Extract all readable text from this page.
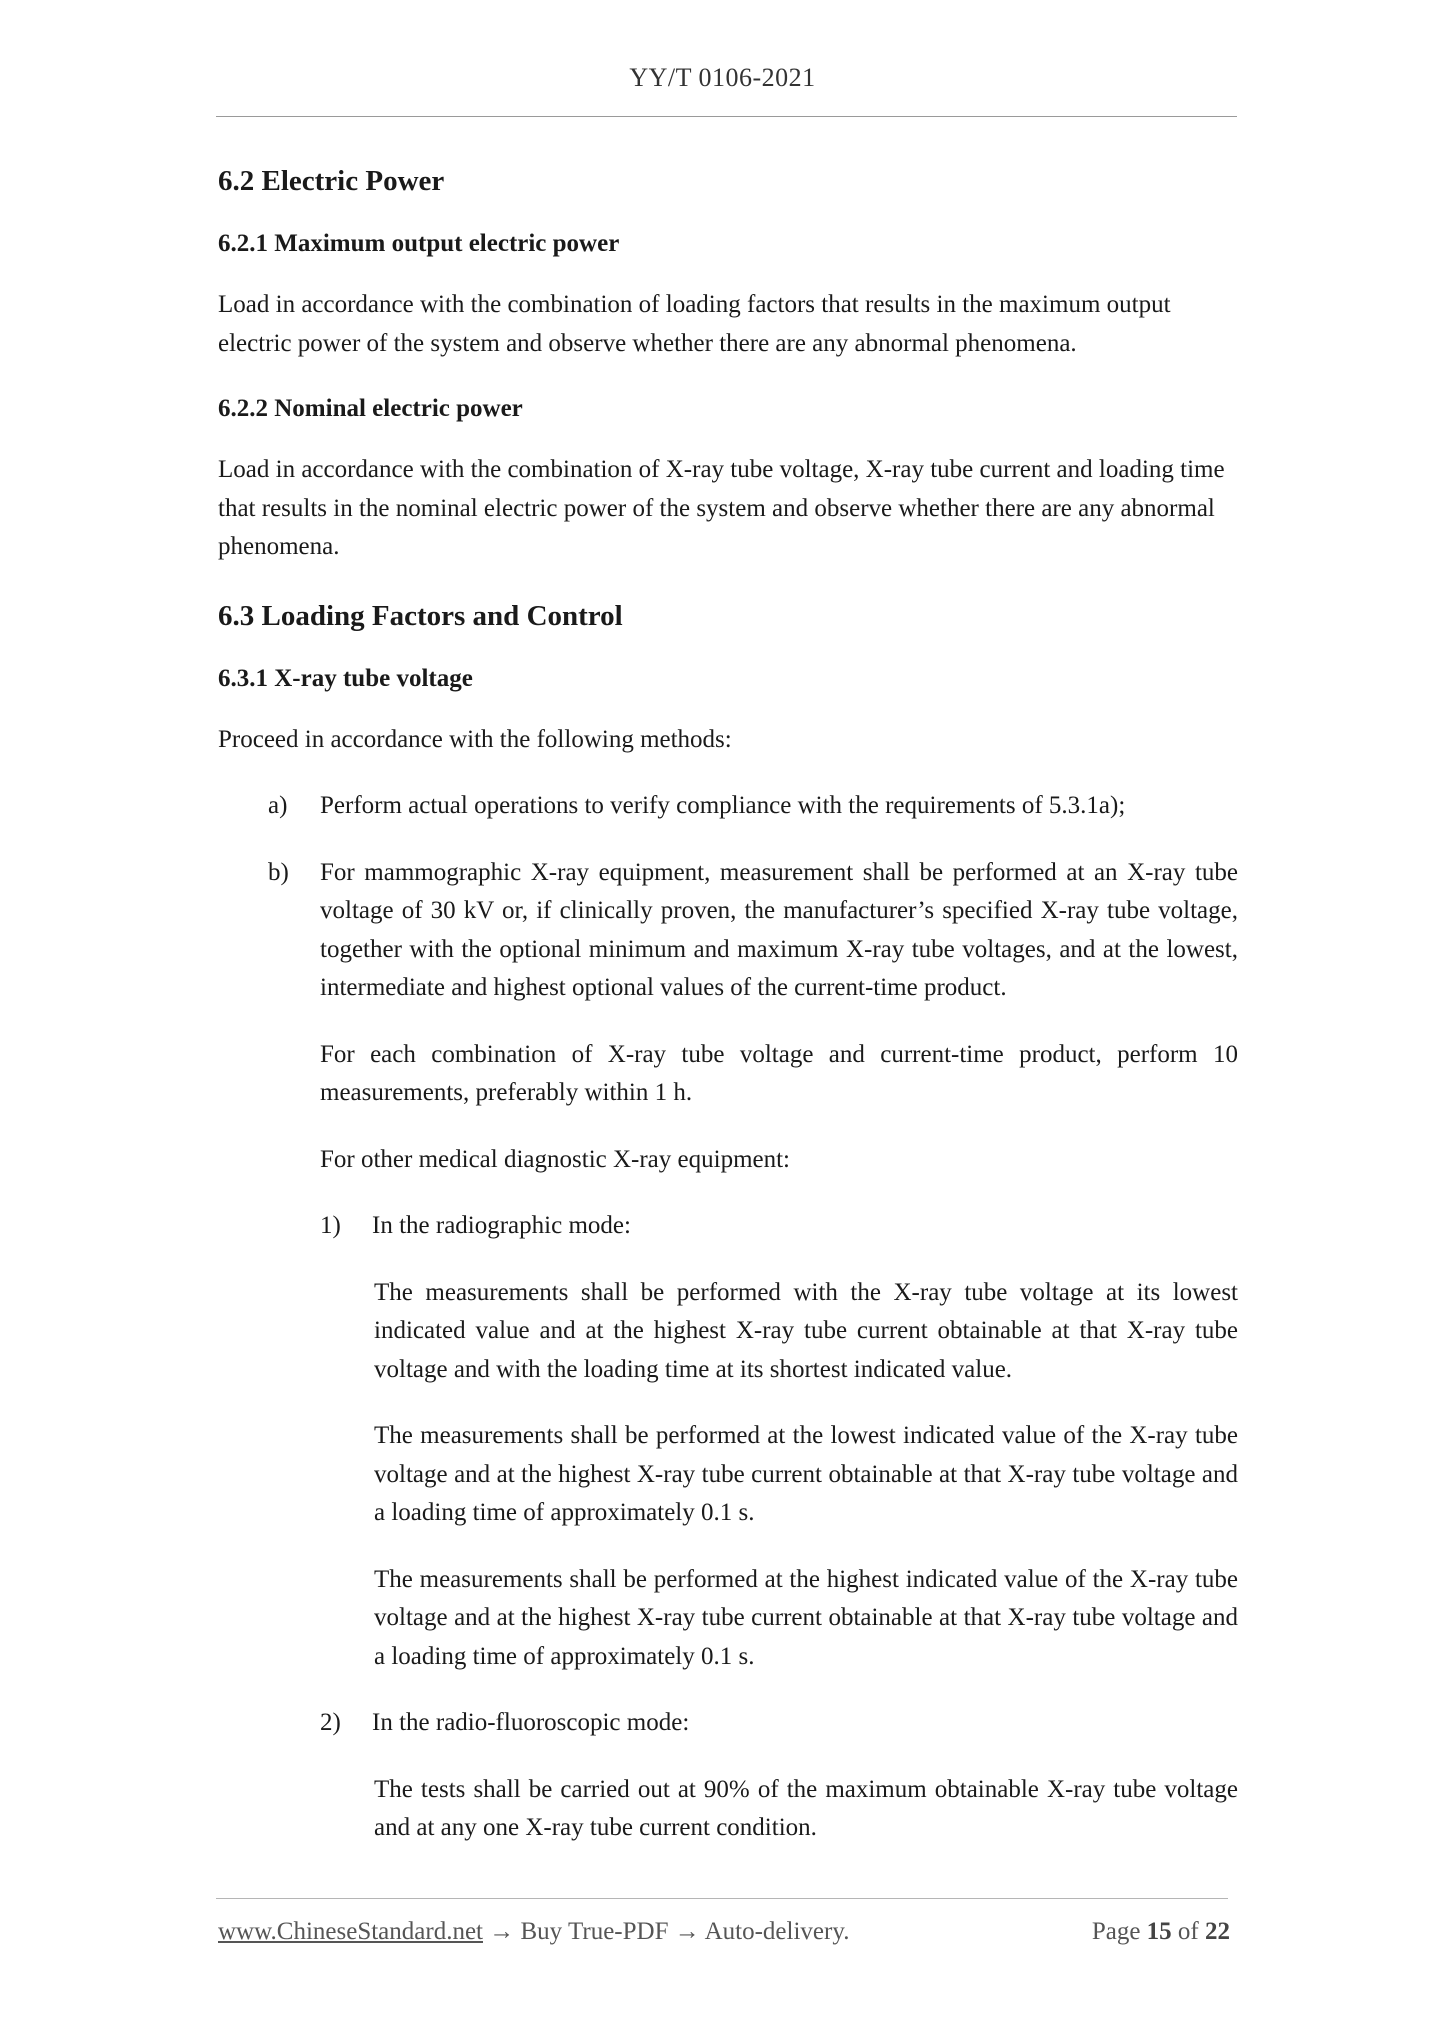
YY/T 0106-2021
6.2 Electric Power
6.2.1 Maximum output electric power
Load in accordance with the combination of loading factors that results in the maximum output electric power of the system and observe whether there are any abnormal phenomena.
6.2.2 Nominal electric power
Load in accordance with the combination of X-ray tube voltage, X-ray tube current and loading time that results in the nominal electric power of the system and observe whether there are any abnormal phenomena.
6.3 Loading Factors and Control
6.3.1 X-ray tube voltage
Proceed in accordance with the following methods:
a)	Perform actual operations to verify compliance with the requirements of 5.3.1a);
b)	For mammographic X-ray equipment, measurement shall be performed at an X-ray tube voltage of 30 kV or, if clinically proven, the manufacturer’s specified X-ray tube voltage, together with the optional minimum and maximum X-ray tube voltages, and at the lowest, intermediate and highest optional values of the current-time product.
For each combination of X-ray tube voltage and current-time product, perform 10 measurements, preferably within 1 h.
For other medical diagnostic X-ray equipment:
1)	In the radiographic mode:
The measurements shall be performed with the X-ray tube voltage at its lowest indicated value and at the highest X-ray tube current obtainable at that X-ray tube voltage and with the loading time at its shortest indicated value.
The measurements shall be performed at the lowest indicated value of the X-ray tube voltage and at the highest X-ray tube current obtainable at that X-ray tube voltage and a loading time of approximately 0.1 s.
The measurements shall be performed at the highest indicated value of the X-ray tube voltage and at the highest X-ray tube current obtainable at that X-ray tube voltage and a loading time of approximately 0.1 s.
2)	In the radio-fluoroscopic mode:
The tests shall be carried out at 90% of the maximum obtainable X-ray tube voltage and at any one X-ray tube current condition.
www.ChineseStandard.net → Buy True-PDF → Auto-delivery.	Page 15 of 22
